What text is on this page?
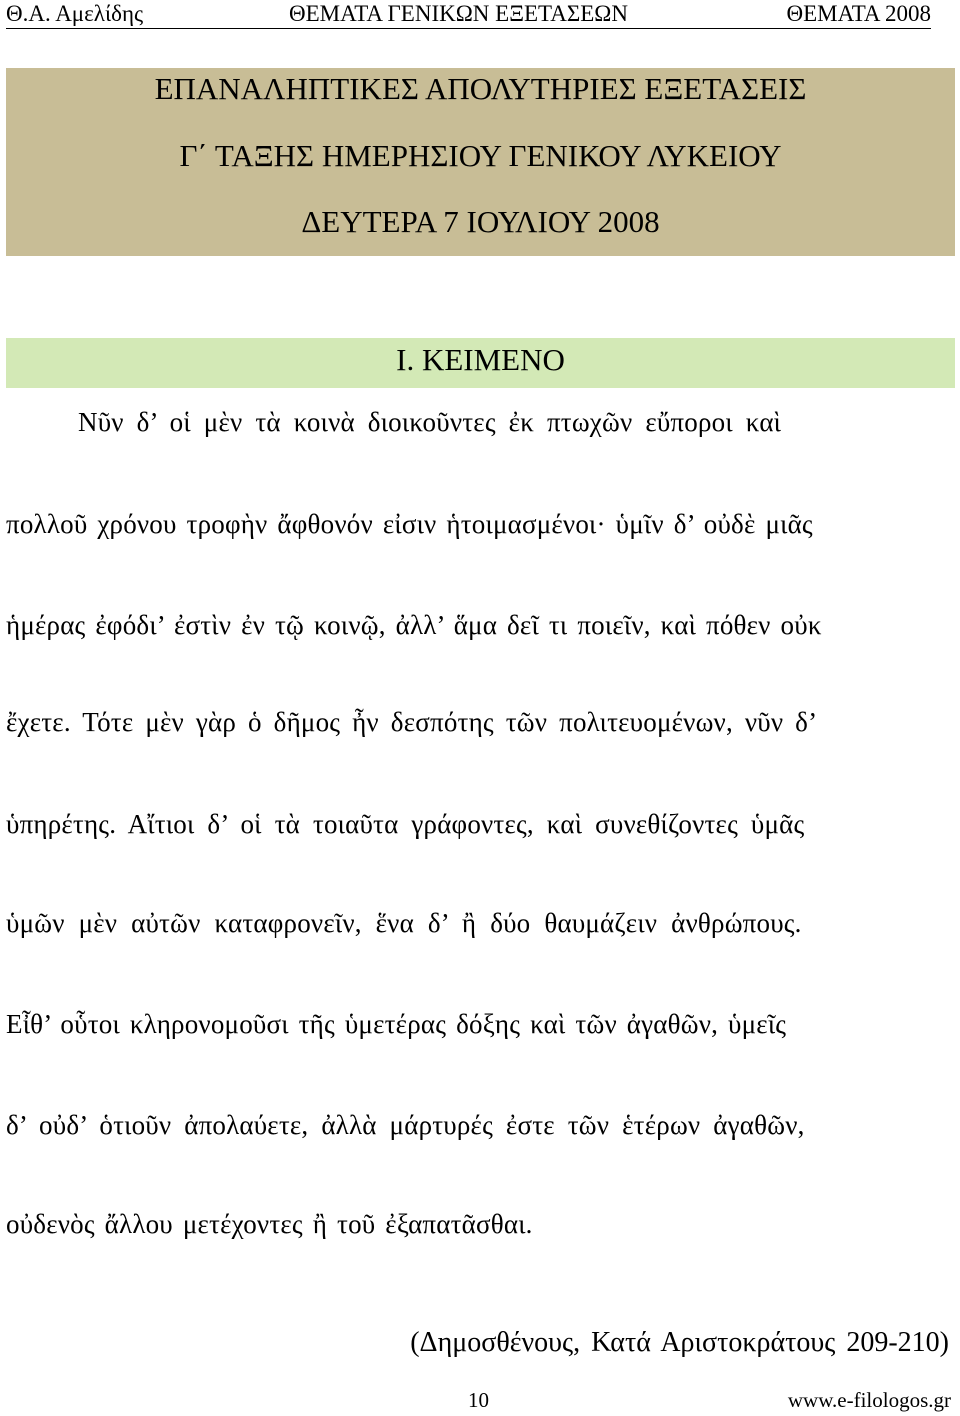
Θ.Α. Αμελίδης	ΘΕΜΑΤΑ ΓΕΝΙΚΩΝ ΕΞΕΤΑΣΕΩΝ	ΘΕΜΑΤΑ 2008
ΕΠΑΝΑΛΗΠΤΙΚΕΣ ΑΠΟΛΥΤΗΡΙΕΣ ΕΞΕΤΑΣΕΙΣ
Γ΄ ΤΑΞΗΣ ΗΜΕΡΗΣΙΟΥ ΓΕΝΙΚΟΥ ΛΥΚΕΙΟΥ
ΔΕΥΤΕΡΑ 7 ΙΟΥΛΙΟΥ 2008
Ι. ΚΕΙΜΕΝΟ
Νῦν δ’ οἱ μὲν τὰ κοινὰ διοικοῦντες ἐκ πτωχῶν εὔποροι καὶ
πολλοῦ χρόνου τροφὴν ἄφθονόν εἰσιν ἡτοιμασμένοι· ὑμῖν δ’ οὐδὲ μιᾶς
ἡμέρας ἐφόδι’ ἐστὶν ἐν τῷ κοινῷ, ἀλλ’ ἅμα δεῖ τι ποιεῖν, καὶ πόθεν οὐκ
ἔχετε. Τότε μὲν γὰρ ὁ δῆμος ἦν δεσπότης τῶν πολιτευομένων, νῦν δ’
ὑπηρέτης. Αἴτιοι δ’ οἱ τὰ τοιαῦτα γράφοντες, καὶ συνεθίζοντες ὑμᾶς
ὑμῶν μὲν αὐτῶν καταφρονεῖν, ἕνα δ’ ἢ δύο θαυμάζειν ἀνθρώπους.
Εἶθ’ οὗτοι κληρονομοῦσι τῆς ὑμετέρας δόξης καὶ τῶν ἀγαθῶν, ὑμεῖς
δ’ οὐδ’ ὁτιοῦν ἀπολαύετε, ἀλλὰ μάρτυρές ἐστε τῶν ἑτέρων ἀγαθῶν,
οὐδενὸς ἄλλου μετέχοντες ἢ τοῦ ἐξαπατᾶσθαι.
(Δημοσθένους, Κατά Αριστοκράτους 209-210)
10	www.e-filologos.gr
